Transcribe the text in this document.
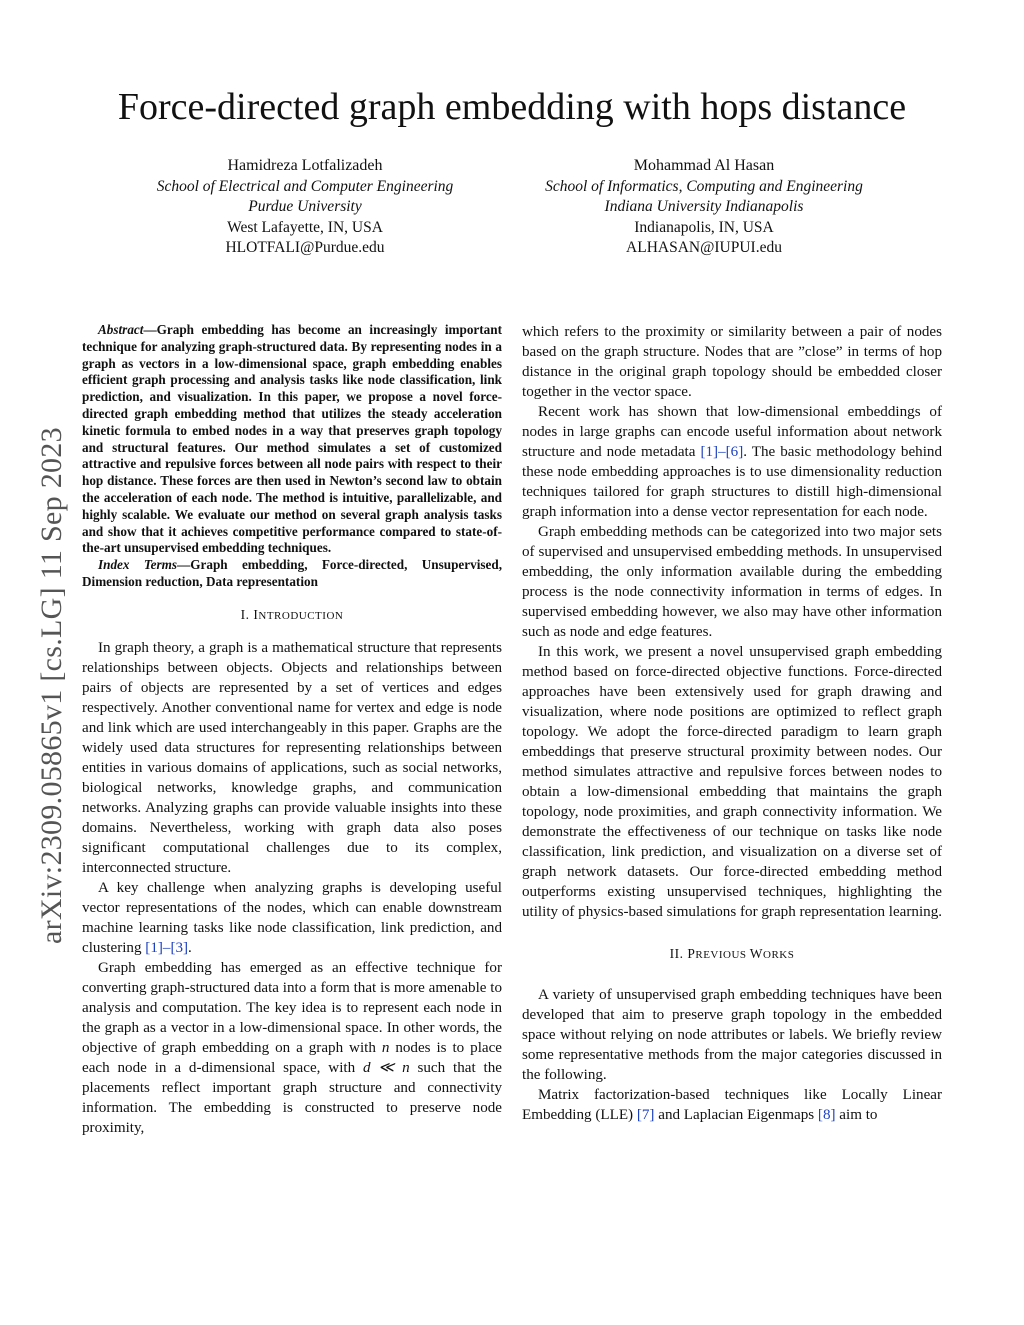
Force-directed graph embedding with hops distance
Hamidreza Lotfalizadeh
School of Electrical and Computer Engineering
Purdue University
West Lafayette, IN, USA
HLOTFALI@Purdue.edu
Mohammad Al Hasan
School of Informatics, Computing and Engineering
Indiana University Indianapolis
Indianapolis, IN, USA
ALHASAN@IUPUI.edu
arXiv:2309.05865v1 [cs.LG] 11 Sep 2023

Abstract—Graph embedding has become an increasingly important technique for analyzing graph-structured data. By representing nodes in a graph as vectors in a low-dimensional space, graph embedding enables efficient graph processing and analysis tasks like node classification, link prediction, and visualization. In this paper, we propose a novel force-directed graph embedding method that utilizes the steady acceleration kinetic formula to embed nodes in a way that preserves graph topology and structural features. Our method simulates a set of customized attractive and repulsive forces between all node pairs with respect to their hop distance. These forces are then used in Newton’s second law to obtain the acceleration of each node. The method is intuitive, parallelizable, and highly scalable. We evaluate our method on several graph analysis tasks and show that it achieves competitive performance compared to state-of-the-art unsupervised embedding techniques.

Index Terms—Graph embedding, Force-directed, Unsupervised, Dimension reduction, Data representation

I. INTRODUCTION

In graph theory, a graph is a mathematical structure that represents relationships between objects. Objects and relationships between pairs of objects are represented by a set of vertices and edges respectively. Another conventional name for vertex and edge is node and link which are used interchangeably in this paper. Graphs are the widely used data structures for representing relationships between entities in various domains of applications, such as social networks, biological networks, knowledge graphs, and communication networks. Analyzing graphs can provide valuable insights into these domains. Nevertheless, working with graph data also poses significant computational challenges due to its complex, interconnected structure.

A key challenge when analyzing graphs is developing useful vector representations of the nodes, which can enable downstream machine learning tasks like node classification, link prediction, and clustering [1]–[3].

Graph embedding has emerged as an effective technique for converting graph-structured data into a form that is more amenable to analysis and computation. The key idea is to represent each node in the graph as a vector in a low-dimensional space. In other words, the objective of graph embedding on a graph with n nodes is to place each node in a d-dimensional space, with d ≪ n such that the placements reflect important graph structure and connectivity information. The embedding is constructed to preserve node proximity,

which refers to the proximity or similarity between a pair of nodes based on the graph structure. Nodes that are ”close” in terms of hop distance in the original graph topology should be embedded closer together in the vector space.

Recent work has shown that low-dimensional embeddings of nodes in large graphs can encode useful information about network structure and node metadata [1]–[6]. The basic methodology behind these node embedding approaches is to use dimensionality reduction techniques tailored for graph structures to distill high-dimensional graph information into a dense vector representation for each node.

Graph embedding methods can be categorized into two major sets of supervised and unsupervised embedding methods. In unsupervised embedding, the only information available during the embedding process is the node connectivity information in terms of edges. In supervised embedding however, we also may have other information such as node and edge features.

In this work, we present a novel unsupervised graph embedding method based on force-directed objective functions. Force-directed approaches have been extensively used for graph drawing and visualization, where node positions are optimized to reflect graph topology. We adopt the force-directed paradigm to learn graph embeddings that preserve structural proximity between nodes. Our method simulates attractive and repulsive forces between nodes to obtain a low-dimensional embedding that maintains the graph topology, node proximities, and graph connectivity information. We demonstrate the effectiveness of our technique on tasks like node classification, link prediction, and visualization on a diverse set of graph network datasets. Our force-directed embedding method outperforms existing unsupervised techniques, highlighting the utility of physics-based simulations for graph representation learning.

II. PREVIOUS WORKS

A variety of unsupervised graph embedding techniques have been developed that aim to preserve graph topology in the embedded space without relying on node attributes or labels. We briefly review some representative methods from the major categories discussed in the following.

Matrix factorization-based techniques like Locally Linear Embedding (LLE) [7] and Laplacian Eigenmaps [8] aim to
